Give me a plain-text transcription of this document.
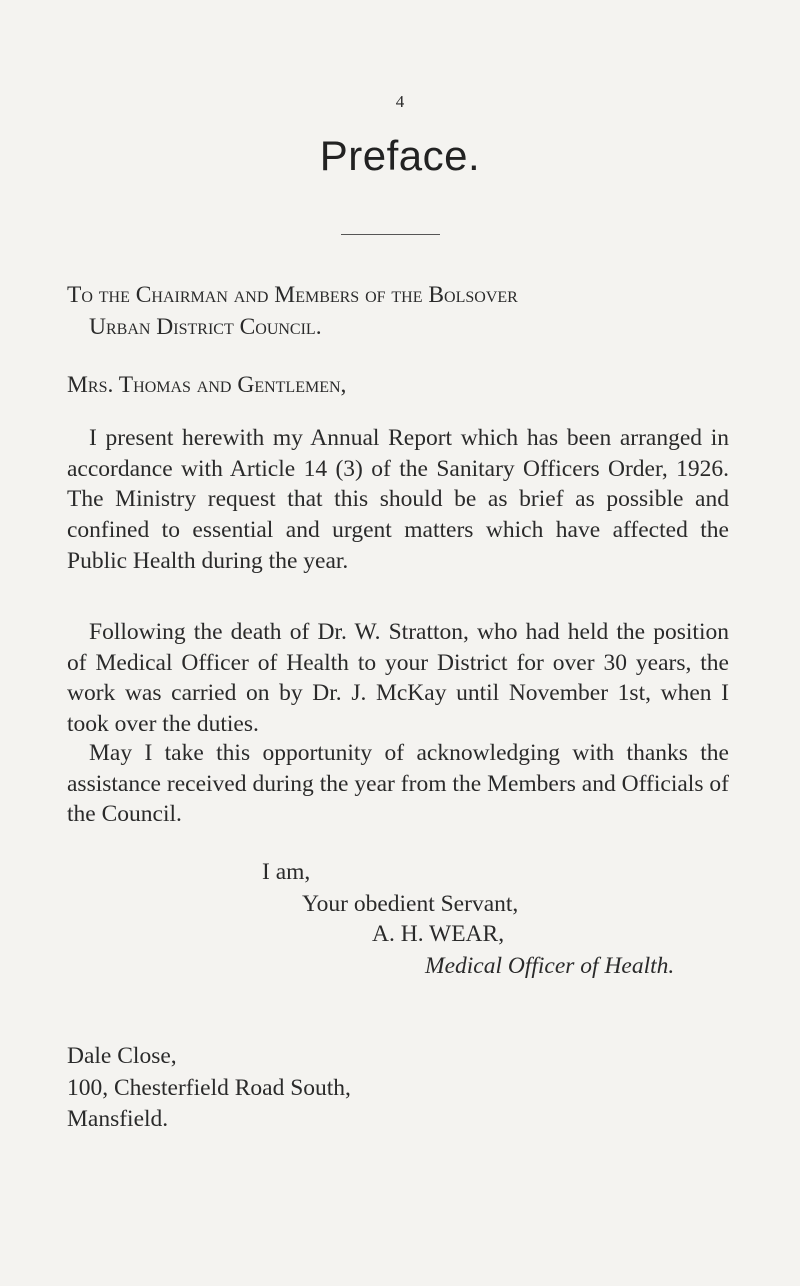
4
Preface.
To the Chairman and Members of the Bolsover
Urban District Council.
Mrs. Thomas and Gentlemen,
I present herewith my Annual Report which has been arranged in accordance with Article 14 (3) of the Sanitary Officers Order, 1926. The Ministry request that this should be as brief as possible and confined to essential and urgent matters which have affected the Public Health during the year.
Following the death of Dr. W. Stratton, who had held the position of Medical Officer of Health to your District for over 30 years, the work was carried on by Dr. J. McKay until November 1st, when I took over the duties.
May I take this opportunity of acknowledging with thanks the assistance received during the year from the Members and Officials of the Council.
I am,
Your obedient Servant,
A. H. WEAR,
Medical Officer of Health.
Dale Close,
100, Chesterfield Road South,
Mansfield.
